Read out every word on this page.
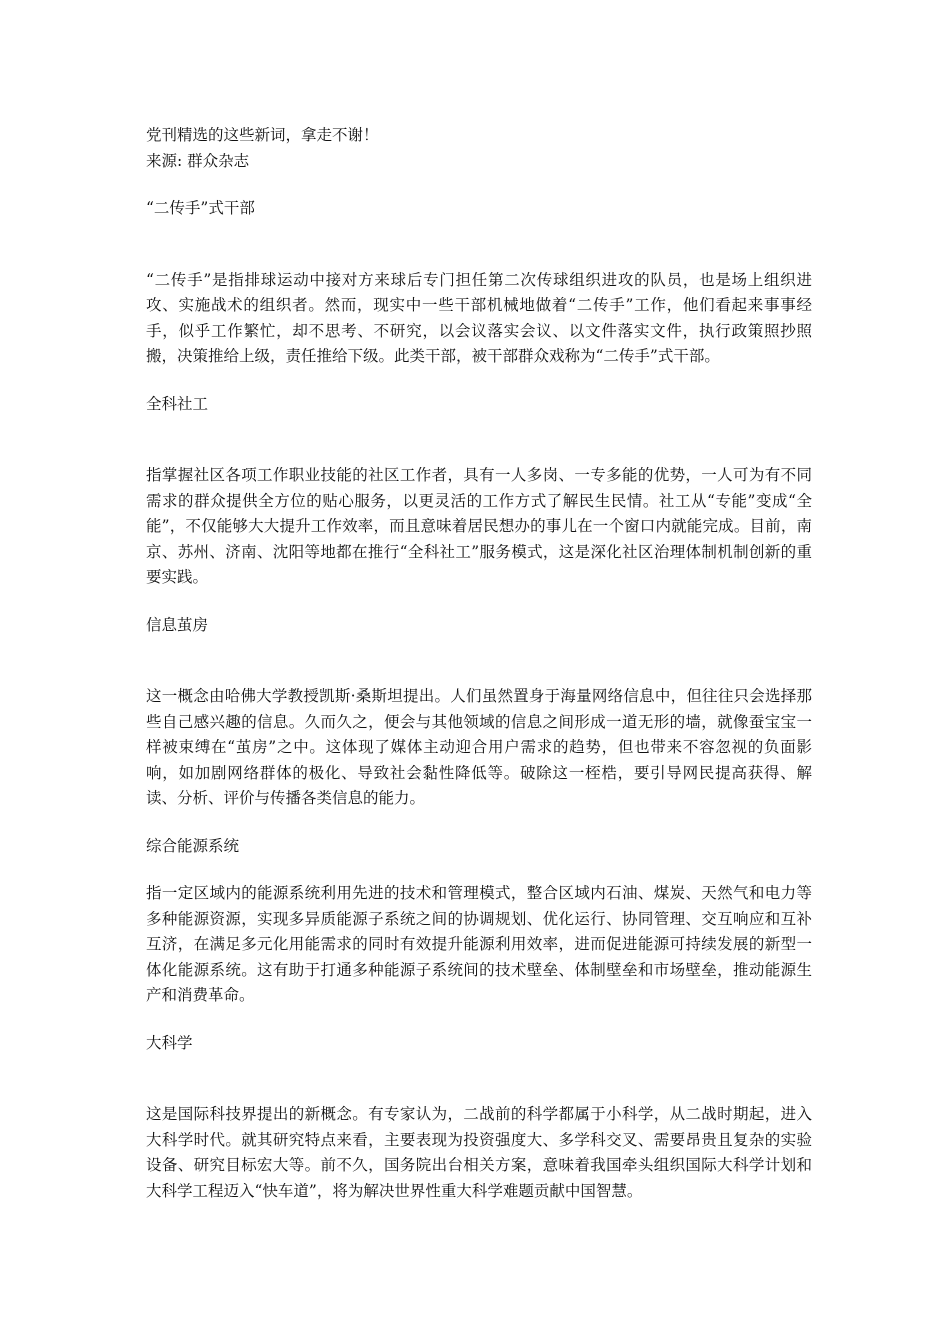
党刊精选的这些新词，拿走不谢！

来源: 群众杂志

“二传手”式干部

“二传手”是指排球运动中接对方来球后专门担任第二次传球组织进攻的队员，也是场上组织进攻、实施战术的组织者。然而，现实中一些干部机械地做着“二传手”工作，他们看起来事事经手，似乎工作繁忙，却不思考、不研究，以会议落实会议、以文件落实文件，执行政策照抄照搬，决策推给上级，责任推给下级。此类干部，被干部群众戏称为“二传手”式干部。

全科社工

指掌握社区各项工作职业技能的社区工作者，具有一人多岗、一专多能的优势，一人可为有不同需求的群众提供全方位的贴心服务，以更灵活的工作方式了解民生民情。社工从“专能”变成“全能”，不仅能够大大提升工作效率，而且意味着居民想办的事儿在一个窗口内就能完成。目前，南京、苏州、济南、沈阳等地都在推行“全科社工”服务模式，这是深化社区治理体制机制创新的重要实践。

信息茧房

这一概念由哈佛大学教授凯斯·桑斯坦提出。人们虽然置身于海量网络信息中，但往往只会选择那些自己感兴趣的信息。久而久之，便会与其他领域的信息之间形成一道无形的墙，就像蚕宝宝一样被束缚在“茧房”之中。这体现了媒体主动迎合用户需求的趋势，但也带来不容忽视的负面影响，如加剧网络群体的极化、导致社会黏性降低等。破除这一桎梏，要引导网民提高获得、解读、分析、评价与传播各类信息的能力。

综合能源系统

指一定区域内的能源系统利用先进的技术和管理模式，整合区域内石油、煤炭、天然气和电力等多种能源资源，实现多异质能源子系统之间的协调规划、优化运行、协同管理、交互响应和互补互济，在满足多元化用能需求的同时有效提升能源利用效率，进而促进能源可持续发展的新型一体化能源系统。这有助于打通多种能源子系统间的技术壁垒、体制壁垒和市场壁垒，推动能源生产和消费革命。

大科学

这是国际科技界提出的新概念。有专家认为，二战前的科学都属于小科学，从二战时期起，进入大科学时代。就其研究特点来看，主要表现为投资强度大、多学科交叉、需要昂贵且复杂的实验设备、研究目标宏大等。前不久，国务院出台相关方案，意味着我国牵头组织国际大科学计划和大科学工程迈入“快车道”，将为解决世界性重大科学难题贡献中国智慧。
